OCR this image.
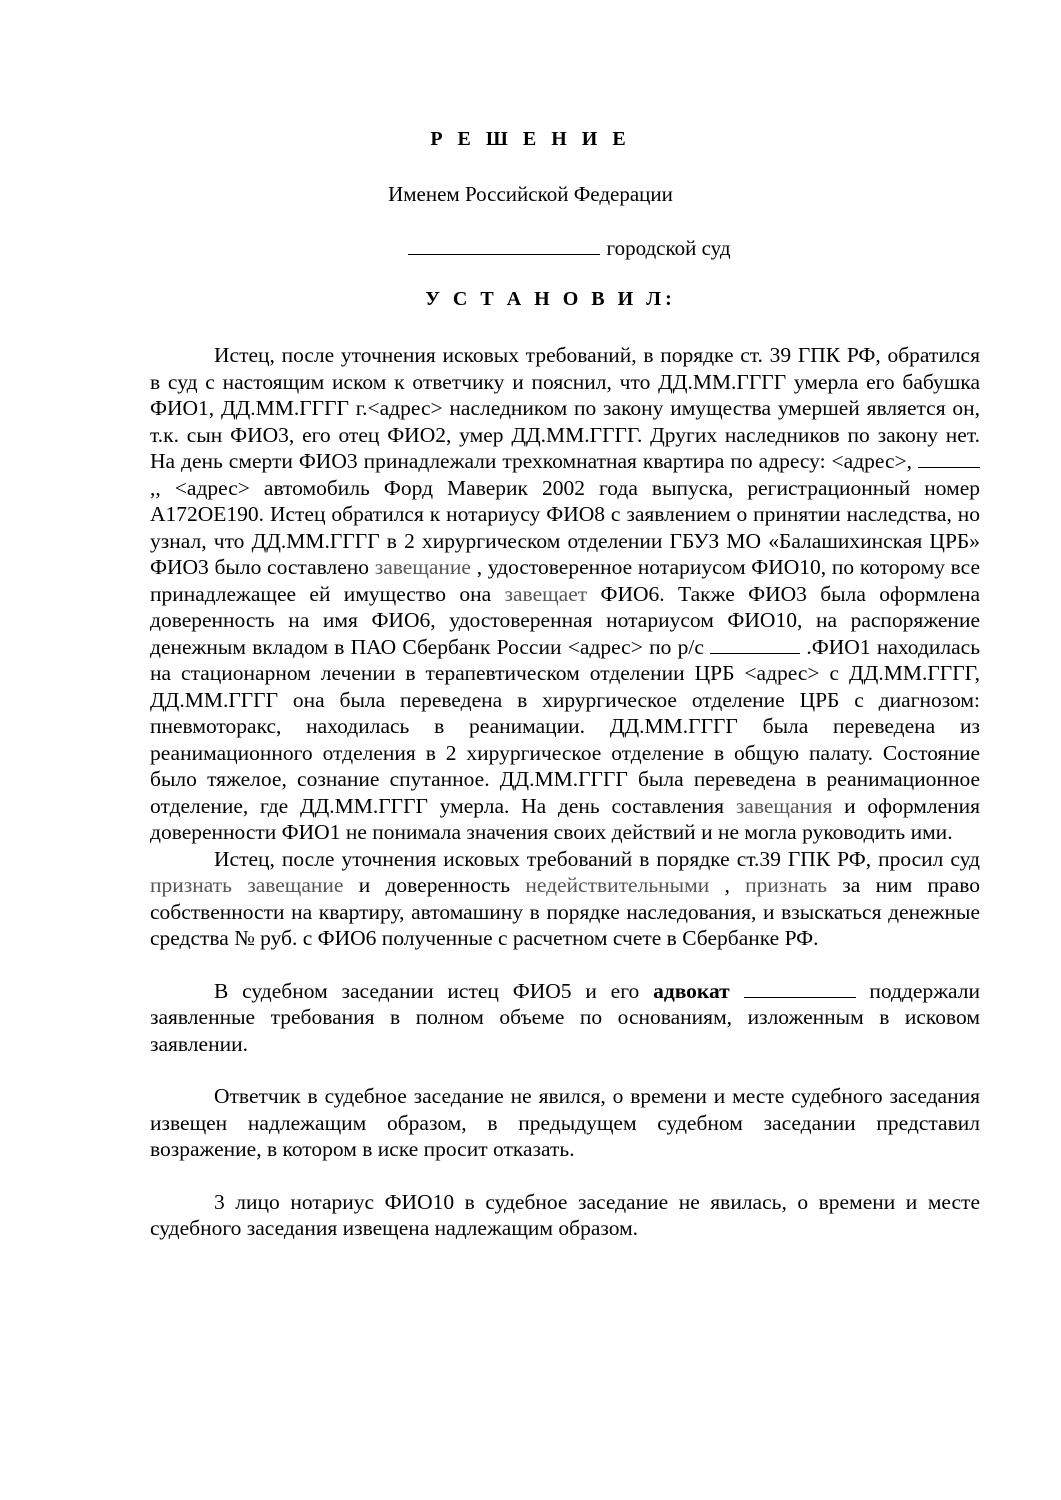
Р Е Ш Е Н И Е
Именем Российской Федерации
городской суд
У С Т А Н О В И Л:

Истец, после уточнения исковых требований, в порядке ст. 39 ГПК РФ, обратился в суд с настоящим иском к ответчику и пояснил, что ДД.ММ.ГГГГ умерла его бабушка ФИО1, ДД.ММ.ГГГГ г.<адрес> наследником по закону имущества умершей является он, т.к. сын ФИО3, его отец ФИО2, умер ДД.ММ.ГГГГ. Других наследников по закону нет. На день смерти ФИО3 принадлежали трехкомнатная квартира по адресу: <адрес>, ,, <адрес> автомобиль Форд Маверик 2002 года выпуска, регистрационный номер А172ОЕ190. Истец обратился к нотариусу ФИО8 с заявлением о принятии наследства, но узнал, что ДД.ММ.ГГГГ в 2 хирургическом отделении ГБУЗ МО «Балашихинская ЦРБ» ФИО3 было составлено завещание , удостоверенное нотариусом ФИО10, по которому все принадлежащее ей имущество она завещает ФИО6. Также ФИО3 была оформлена доверенность на имя ФИО6, удостоверенная нотариусом ФИО10, на распоряжение денежным вкладом в ПАО Сбербанк России <адрес> по р/с	.ФИО1 находилась на стационарном лечении в терапевтическом отделении ЦРБ <адрес> с ДД.ММ.ГГГГ, ДД.ММ.ГГГГ она была переведена в хирургическое отделение ЦРБ с диагнозом: пневмоторакс, находилась в реанимации. ДД.ММ.ГГГГ была переведена из реанимационного отделения в 2 хирургическое отделение в общую палату. Состояние было тяжелое, сознание спутанное. ДД.ММ.ГГГГ была переведена в реанимационное отделение, где ДД.ММ.ГГГГ умерла. На день составления завещания и оформления доверенности ФИО1 не понимала значения своих действий и не могла руководить ими.

Истец, после уточнения исковых требований в порядке ст.39 ГПК РФ, просил суд признать завещание и доверенность недействительными , признать за ним право собственности на квартиру, автомашину в порядке наследования, и взыскаться денежные средства № руб. с ФИО6 полученные с расчетном счете в Сбербанке РФ.

В судебном заседании истец ФИО5 и его адвокат	поддержали заявленные требования в полном объеме по основаниям, изложенным в исковом заявлении.

Ответчик в судебное заседание не явился, о времени и месте судебного заседания извещен надлежащим образом, в предыдущем судебном заседании представил возражение, в котором в иске просит отказать.

3 лицо нотариус ФИО10 в судебное заседание не явилась, о времени и месте судебного заседания извещена надлежащим образом.
